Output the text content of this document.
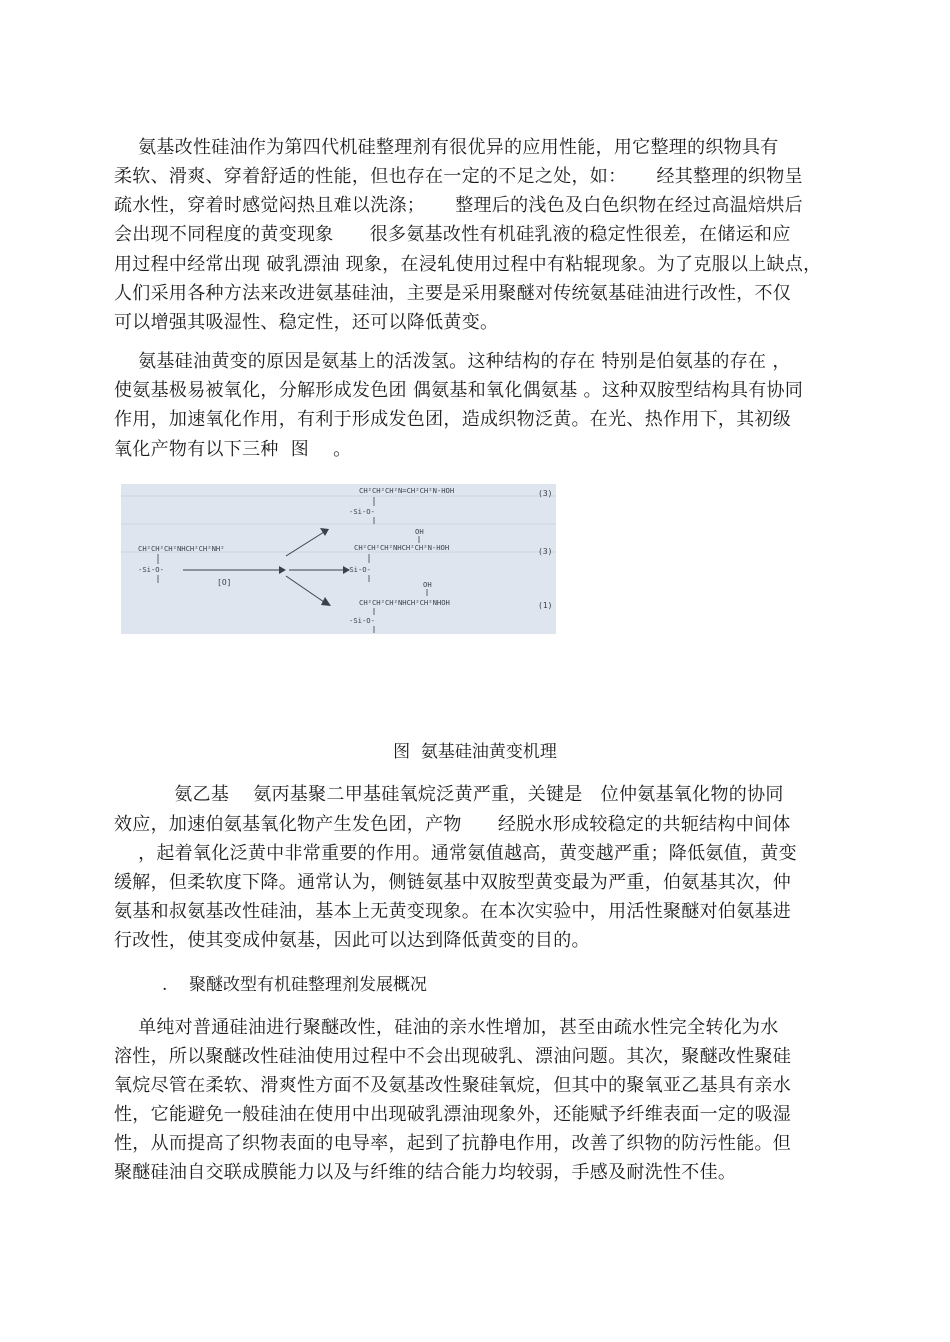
氨基改性硅油作为第四代机硅整理剂有很优异的应用性能，用它整理的织物具有
柔软、滑爽、穿着舒适的性能，但也存在一定的不足之处，如：     经其整理的织物呈
疏水性，穿着时感觉闷热且难以洗涤；     整理后的浅色及白色织物在经过高温焙烘后
会出现不同程度的黄变现象      很多氨基改性有机硅乳液的稳定性很差，在储运和应
用过程中经常出现 破乳漂油 现象，在浸轧使用过程中有粘辊现象。为了克服以上缺点，
人们采用各种方法来改进氨基硅油，主要是采用聚醚对传统氨基硅油进行改性，不仅
可以增强其吸湿性、稳定性，还可以降低黄变。
氨基硅油黄变的原因是氨基上的活泼氢。这种结构的存在 特别是伯氨基的存在 ，
使氨基极易被氧化，分解形成发色团 偶氨基和氧化偶氨基 。这种双胺型结构具有协同
作用，加速氧化作用，有利于形成发色团，造成织物泛黄。在光、热作用下，其初级
氧化产物有以下三种  图    。
CH²CH²CH²NHCH²CH²NH²
-Si-O-
[O]
CH²CH²CH²N=CH²CH²N-HOH	(3)
-Si-O-
OH
CH²CH²CH²NHCH²CH²N-HOH	(3)
-Si-O-
OH
CH²CH²CH²NHCH²CH²NHOH	(1)
-Si-O-
图  氨基硅油黄变机理
氨乙基    氨丙基聚二甲基硅氧烷泛黄严重，关键是   位仲氨基氧化物的协同
效应，加速伯氨基氧化物产生发色团，产物      经脱水形成较稳定的共轭结构中间体
，起着氧化泛黄中非常重要的作用。通常氨值越高，黄变越严重；降低氨值，黄变
缓解，但柔软度下降。通常认为，侧链氨基中双胺型黄变最为严重，伯氨基其次，仲
氨基和叔氨基改性硅油，基本上无黄变现象。在本次实验中，用活性聚醚对伯氨基进
行改性，使其变成仲氨基，因此可以达到降低黄变的目的。
.    聚醚改型有机硅整理剂发展概况
单纯对普通硅油进行聚醚改性，硅油的亲水性增加，甚至由疏水性完全转化为水
溶性，所以聚醚改性硅油使用过程中不会出现破乳、漂油问题。其次，聚醚改性聚硅
氧烷尽管在柔软、滑爽性方面不及氨基改性聚硅氧烷，但其中的聚氧亚乙基具有亲水
性，它能避免一般硅油在使用中出现破乳漂油现象外，还能赋予纤维表面一定的吸湿
性，从而提高了织物表面的电导率，起到了抗静电作用，改善了织物的防污性能。但
聚醚硅油自交联成膜能力以及与纤维的结合能力均较弱，手感及耐洗性不佳。
